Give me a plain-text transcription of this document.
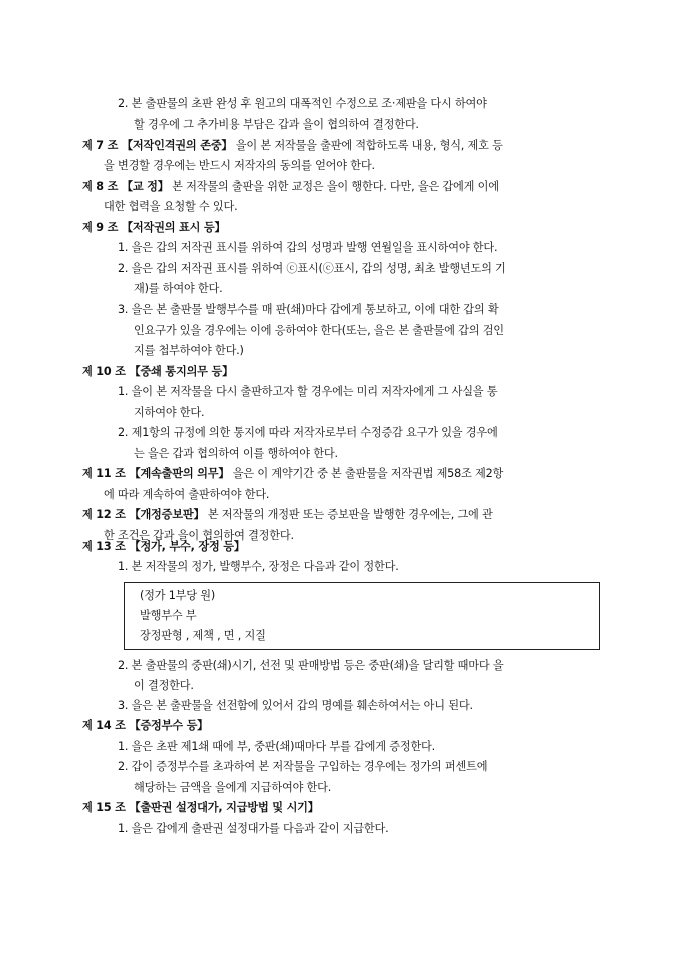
2. 본 출판물의 초판 완성 후 원고의 대폭적인 수정으로 조·제판을 다시 하여야
할 경우에 그 추가비용 부담은 갑과 을이 협의하여 결정한다.
제 7 조 【저작인격권의 존중】 을이 본 저작물을 출판에 적합하도록 내용, 형식, 제호 등
을 변경할 경우에는 반드시 저작자의 동의를 얻어야 한다.
제 8 조 【교 정】 본 저작물의 출판을 위한 교정은 을이 행한다. 다만, 을은 갑에게 이에
대한 협력을 요청할 수 있다.
제 9 조 【저작권의 표시 등】
1. 을은 갑의 저작권 표시를 위하여 갑의 성명과 발행 연월일을 표시하여야 한다.
2. 을은 갑의 저작권 표시를 위하여 ⓒ표시(ⓒ표시, 갑의 성명, 최초 발행년도의 기
재)를 하여야 한다.
3. 을은 본 출판물 발행부수를 매 판(쇄)마다 갑에게 통보하고, 이에 대한 갑의 확
인요구가 있을 경우에는 이에 응하여야 한다(또는, 을은 본 출판물에 갑의 검인
지를 첩부하여야 한다.)
제 10 조 【중쇄 통지의무 등】
1. 을이 본 저작물을 다시 출판하고자 할 경우에는 미리 저작자에게 그 사실을 통
지하여야 한다.
2. 제1항의 규정에 의한 통지에 따라 저작자로부터 수정증감 요구가 있을 경우에
는 을은 갑과 협의하여 이를 행하여야 한다.
제 11 조 【계속출판의 의무】 을은 이 계약기간 중 본 출판물을 저작권법 제58조 제2항
에 따라 계속하여 출판하여야 한다.
제 12 조 【개정증보판】 본 저작물의 개정판 또는 증보판을 발행한 경우에는, 그에 관
한 조건은 갑과 을이 협의하여 결정한다.
제 13 조 【정가, 부수, 장정 등】
1. 본 저작물의 정가, 발행부수, 장정은 다음과 같이 정한다.
(정가 1부당 원)
발행부수 부
장정판형 , 제책 , 면 , 지질
2. 본 출판물의 중판(쇄)시기, 선전 및 판매방법 등은 중판(쇄)을 달리할 때마다 을
이 결정한다.
3. 을은 본 출판물을 선전함에 있어서 갑의 명예를 훼손하여서는 아니 된다.
제 14 조 【증정부수 등】
1. 을은 초판 제1쇄 때에 부, 중판(쇄)때마다 부를 갑에게 증정한다.
2. 갑이 증정부수를 초과하여 본 저작물을 구입하는 경우에는 정가의 퍼센트에
해당하는 금액을 을에게 지급하여야 한다.
제 15 조 【출판권 설정대가, 지급방법 및 시기】
1. 을은 갑에게 출판권 설정대가를 다음과 같이 지급한다.
